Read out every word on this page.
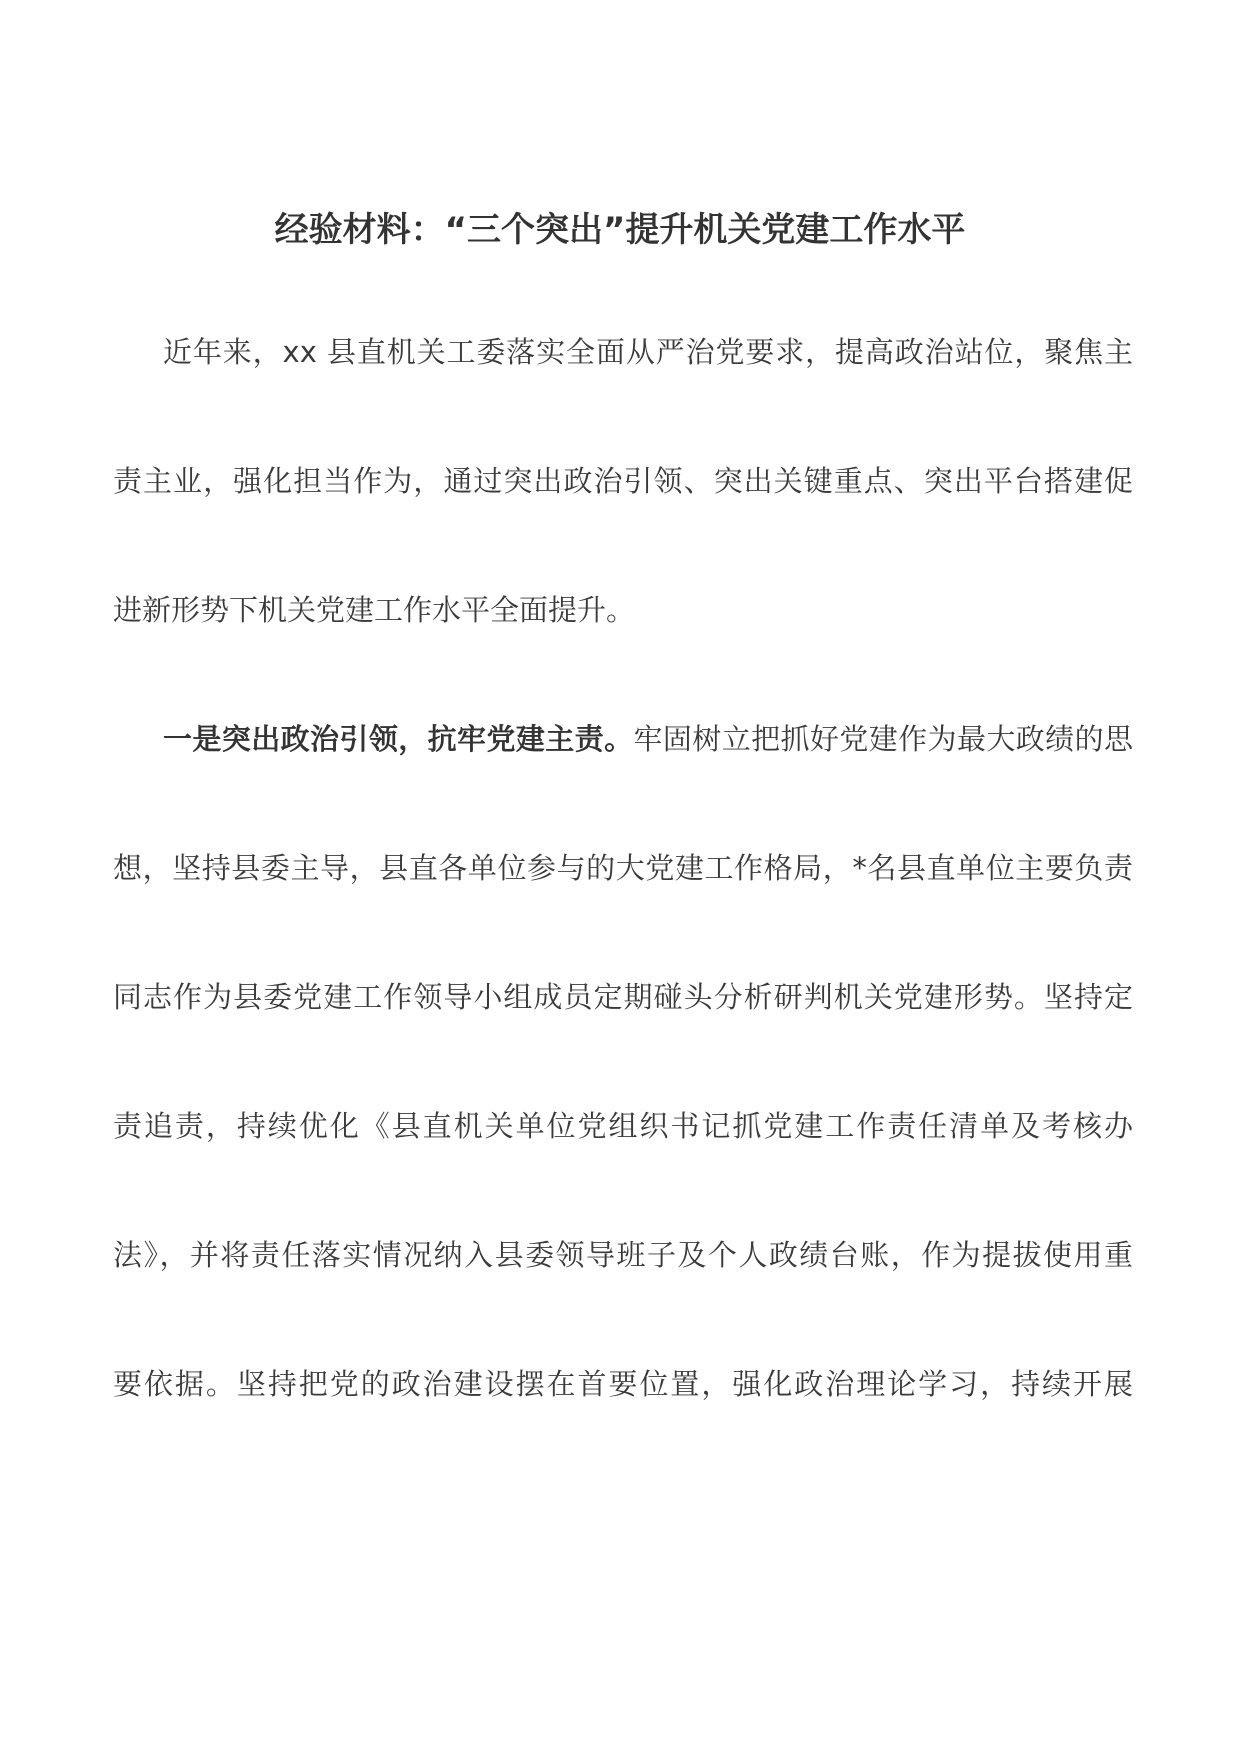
经验材料：“三个突出”提升机关党建工作水平
近年来，xx 县直机关工委落实全面从严治党要求，提高政治站位，聚焦主
责主业，强化担当作为，通过突出政治引领、突出关键重点、突出平台搭建促
进新形势下机关党建工作水平全面提升。
一是突出政治引领，抗牢党建主责。牢固树立把抓好党建作为最大政绩的思
想，坚持县委主导，县直各单位参与的大党建工作格局，*名县直单位主要负责
同志作为县委党建工作领导小组成员定期碰头分析研判机关党建形势。坚持定
责追责，持续优化《县直机关单位党组织书记抓党建工作责任清单及考核办
法》，并将责任落实情况纳入县委领导班子及个人政绩台账，作为提拔使用重
要依据。坚持把党的政治建设摆在首要位置，强化政治理论学习，持续开展
